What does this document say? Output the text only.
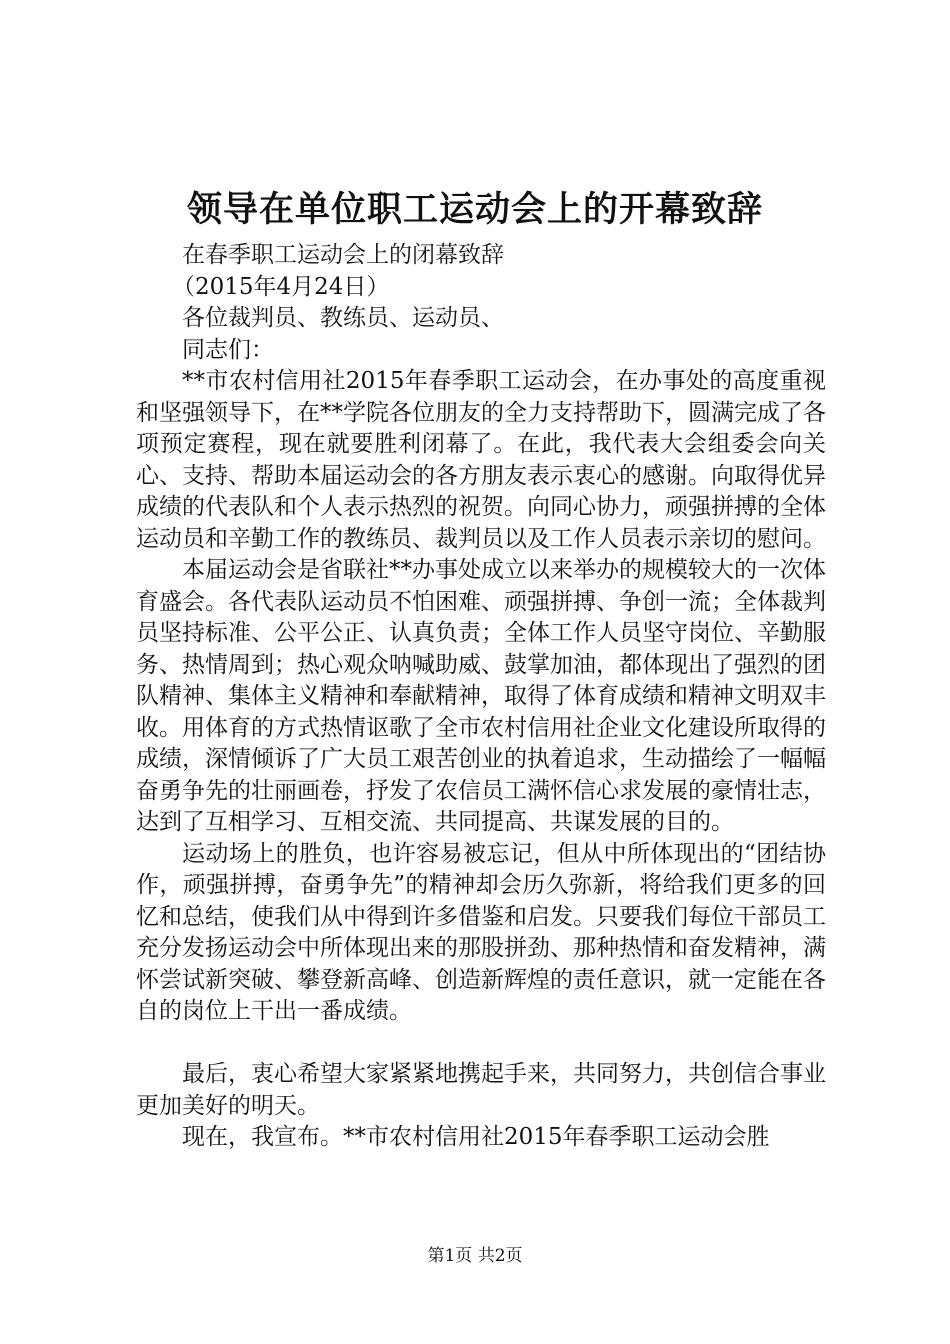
领导在单位职工运动会上的开幕致辞

在春季职工运动会上的闭幕致辞

（2015年4月24日）

各位裁判员、教练员、运动员、

同志们：

**市农村信用社2015年春季职工运动会，在办事处的高度重视和坚强领导下，在**学院各位朋友的全力支持帮助下，圆满完成了各项预定赛程，现在就要胜利闭幕了。在此，我代表大会组委会向关心、支持、帮助本届运动会的各方朋友表示衷心的感谢。向取得优异成绩的代表队和个人表示热烈的祝贺。向同心协力，顽强拼搏的全体运动员和辛勤工作的教练员、裁判员以及工作人员表示亲切的慰问。

本届运动会是省联社**办事处成立以来举办的规模较大的一次体育盛会。各代表队运动员不怕困难、顽强拼搏、争创一流；全体裁判员坚持标准、公平公正、认真负责；全体工作人员坚守岗位、辛勤服务、热情周到；热心观众呐喊助威、鼓掌加油，都体现出了强烈的团队精神、集体主义精神和奉献精神，取得了体育成绩和精神文明双丰收。用体育的方式热情讴歌了全市农村信用社企业文化建设所取得的成绩，深情倾诉了广大员工艰苦创业的执着追求，生动描绘了一幅幅奋勇争先的壮丽画卷，抒发了农信员工满怀信心求发展的豪情壮志，达到了互相学习、互相交流、共同提高、共谋发展的目的。

运动场上的胜负，也许容易被忘记，但从中所体现出的“团结协作，顽强拼搏，奋勇争先”的精神却会历久弥新，将给我们更多的回忆和总结，使我们从中得到许多借鉴和启发。只要我们每位干部员工充分发扬运动会中所体现出来的那股拼劲、那种热情和奋发精神，满怀尝试新突破、攀登新高峰、创造新辉煌的责任意识，就一定能在各自的岗位上干出一番成绩。

最后，衷心希望大家紧紧地携起手来，共同努力，共创信合事业更加美好的明天。

现在，我宣布。**市农村信用社2015年春季职工运动会胜

第1页 共2页
